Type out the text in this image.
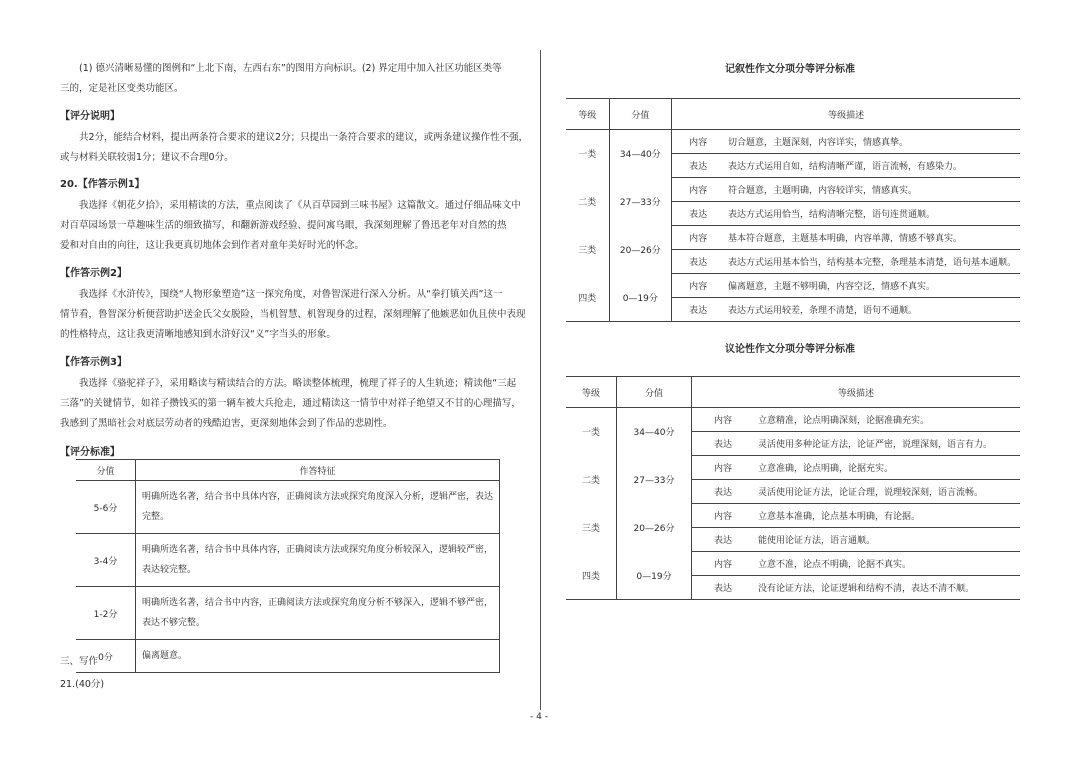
(1) 德兴清晰易懂的图例和“上北下南，左西右东”的图用方向标识。(2) 界定用中加入社区功能区类等
三的，定是社区变类功能区。
【评分说明】
共2分，能结合材料，提出两条符合要求的建议2分；只提出一条符合要求的建议，或两条建议操作性不强，
或与材料关联较弱1分；建议不合理0分。
20.【作答示例1】
我选择《朝花夕拾》，采用精读的方法，重点阅读了《从百草园到三味书屋》这篇散文。通过仔细品味文中
对百草园场景一草趣味生活的细致描写，和翻新游戏经验、提问寓乌眼，我深刻理解了鲁迅老年对自然的热
爱和对自由的向往，这让我更真切地体会到作者对童年美好时光的怀念。
【作答示例2】
我选择《水浒传》，围绕“人物形象塑造”这一探究角度，对鲁智深进行深入分析。从“拳打镇关西”这一
情节看，鲁智深分析便营助护送金氏父女脱险，当机智慧、机智现身的过程，深刻理解了他嫉恶如仇且侠中表现
的性格特点，这让我更清晰地感知到水浒好汉“义”字当头的形象。
【作答示例3】
我选择《骆驼祥子》，采用略读与精读结合的方法。略读整体梳理，梳理了祥子的人生轨迹；精读他“三起
三落”的关键情节，如祥子攒钱买的第一辆车被大兵抢走，通过精读这一情节中对祥子绝望又不甘的心理描写，
我感到了黑暗社会对底层劳动者的残酷迫害，更深刻地体会到了作品的悲剧性。
【评分标准】
分值	作答特征
5-6分	明确所选名著，结合书中具体内容，正确阅读方法或探究角度深入分析，逻辑严密，表达
完整。

3-4分	明确所选名著，结合书中具体内容，正确阅读方法或探究角度分析较深入，逻辑较严密，
表达较完整。

1-2分	明确所选名著，结合书中内容，正确阅读方法或探究角度分析不够深入，逻辑不够严密，
表达不够完整。

0分	偏离题意。
三、写作
21.(40分)
记叙性作文分项分等评分标准
等级	分值	等级描述	
一类	34—40分	内容	切合题意，主题深刻，内容详实，情感真挚。
		表达	表达方式运用自如，结构清晰严谨，语言流畅，有感染力。
二类	27—33分	内容	符合题意，主题明确，内容较详实，情感真实。
		表达	表达方式运用恰当，结构清晰完整，语句连贯通顺。
三类	20—26分	内容	基本符合题意，主题基本明确，内容单薄，情感不够真实。
		表达	表达方式运用基本恰当，结构基本完整，条理基本清楚，语句基本通顺。
四类	0—19分	内容	偏离题意，主题不够明确，内容空泛，情感不真实。
		表达	表达方式运用较差，条理不清楚，语句不通顺。
议论性作文分项分等评分标准
等级	分值	等级描述	
一类	34—40分	内容	立意精准，论点明确深刻，论据准确充实。
		表达	灵活使用多种论证方法，论证严密，说理深刻，语言有力。
二类	27—33分	内容	立意准确，论点明确，论据充实。
		表达	灵活使用论证方法，论证合理，说理较深刻，语言流畅。
三类	20—26分	内容	立意基本准确，论点基本明确，有论据。
		表达	能使用论证方法，语言通顺。
四类	0—19分	内容	立意不准，论点不明确，论据不真实。
		表达	没有论证方法，论证逻辑和结构不清，表达不清不顺。
- 4 -
